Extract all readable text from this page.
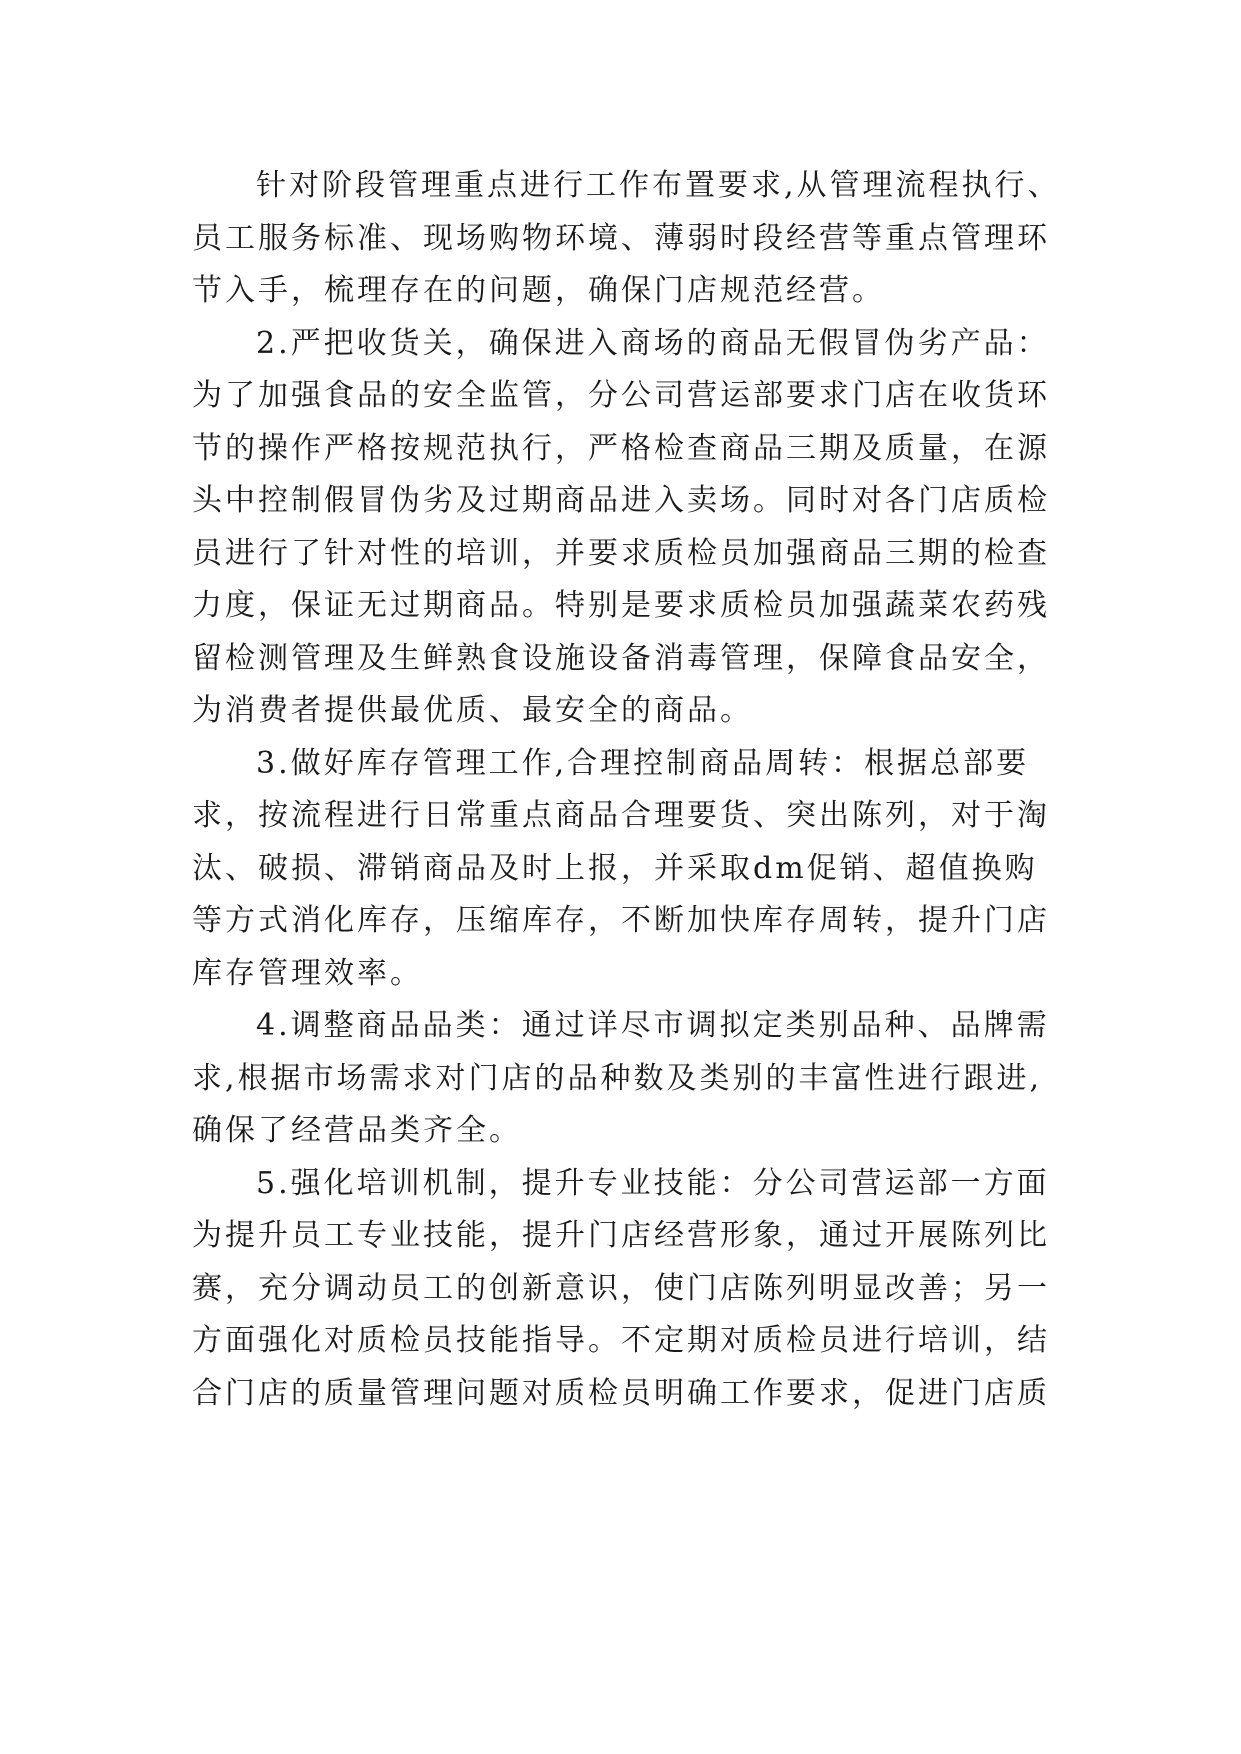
针对阶段管理重点进行工作布置要求,从管理流程执行、
员工服务标准、现场购物环境、薄弱时段经营等重点管理环
节入手，梳理存在的问题，确保门店规范经营。
2.严把收货关，确保进入商场的商品无假冒伪劣产品：
为了加强食品的安全监管，分公司营运部要求门店在收货环
节的操作严格按规范执行，严格检查商品三期及质量，在源
头中控制假冒伪劣及过期商品进入卖场。同时对各门店质检
员进行了针对性的培训，并要求质检员加强商品三期的检查
力度，保证无过期商品。特别是要求质检员加强蔬菜农药残
留检测管理及生鲜熟食设施设备消毒管理，保障食品安全，
为消费者提供最优质、最安全的商品。
3.做好库存管理工作,合理控制商品周转：根据总部要
求，按流程进行日常重点商品合理要货、突出陈列，对于淘
汰、破损、滞销商品及时上报，并采取dm促销、超值换购
等方式消化库存，压缩库存，不断加快库存周转，提升门店
库存管理效率。
4.调整商品品类：通过详尽市调拟定类别品种、品牌需
求,根据市场需求对门店的品种数及类别的丰富性进行跟进,
确保了经营品类齐全。
5.强化培训机制，提升专业技能：分公司营运部一方面
为提升员工专业技能，提升门店经营形象，通过开展陈列比
赛，充分调动员工的创新意识，使门店陈列明显改善；另一
方面强化对质检员技能指导。不定期对质检员进行培训，结
合门店的质量管理问题对质检员明确工作要求，促进门店质
